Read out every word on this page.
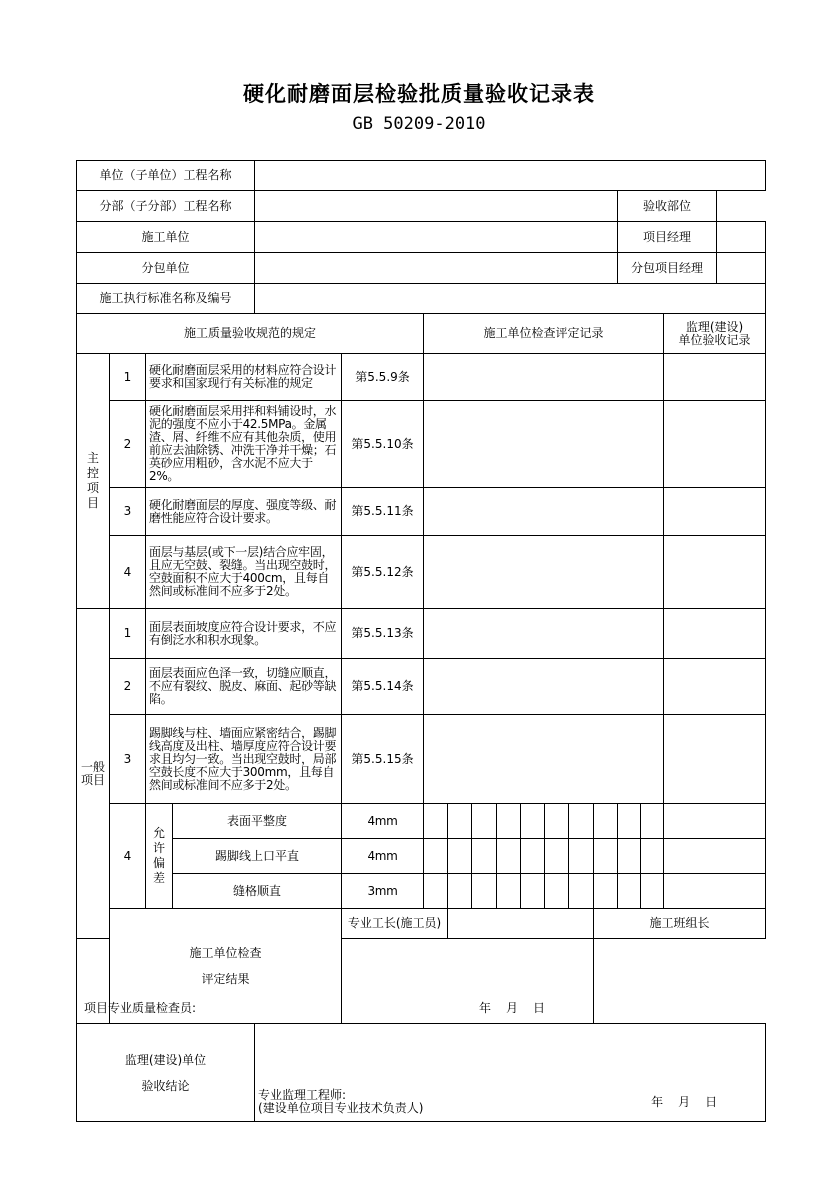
硬化耐磨面层检验批质量验收记录表
GB 50209-2010
单位（子单位）工程名称	
分部（子分部）工程名称			验收部位	

施工单位			项目经理	

分包单位			分包项目经理	

施工执行标准名称及编号	
施工质量验收规范的规定	施工单位检查评定记录	监理(建设)
单位验收记录

主
控
项
目	1	硬化耐磨面层采用的材料应符合设计要求和国家现行有关标准的规定	第5.5.9条		
2	硬化耐磨面层采用拌和料铺设时，水泥的强度不应小于42.5MPa。金属渣、屑、纤维不应有其他杂质，使用前应去油除锈、冲洗干净并干燥；石英砂应用粗砂，含水泥不应大于2%。	第5.5.10条		
3	硬化耐磨面层的厚度、强度等级、耐磨性能应符合设计要求。	第5.5.11条		
4	面层与基层(或下一层)结合应牢固，且应无空鼓、裂缝。当出现空鼓时，空鼓面积不应大于400cm，且每自然间或标准间不应多于2处。	第5.5.12条		

一般
项目
	1	面层表面坡度应符合设计要求，不应有倒泛水和积水现象。	第5.5.13条		
2	面层表面应色泽一致，切缝应顺直，不应有裂纹、脱皮、麻面、起砂等缺陷。	第5.5.14条		
3	踢脚线与柱、墙面应紧密结合，踢脚线高度及出柱、墙厚度应符合设计要求且均匀一致。当出现空鼓时，局部空鼓长度不应大于300mm，且每自然间或标准间不应多于2处。	第5.5.15条		
4	允
许
偏
差	表面平整度	4mm											
踢脚线上口平直	4mm											
缝格顺直	3mm											

施工单位检查
评定结果
	专业工长(施工员)		施工班组长	

项目专业质量检查员:	年 月 日

监理(建设)单位
验收结论

专业监理工程师:
(建设单位项目专业技术负责人)	年 月 日
